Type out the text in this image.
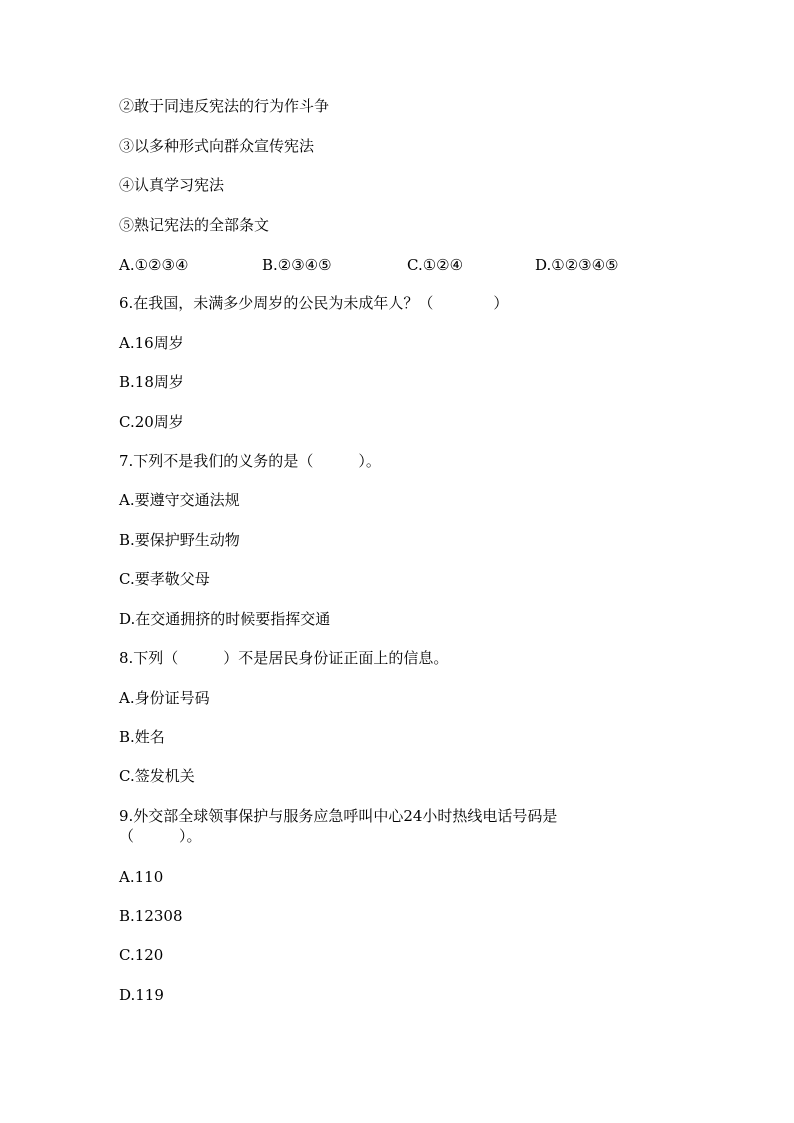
②敢于同违反宪法的行为作斗争
③以多种形式向群众宣传宪法
④认真学习宪法
⑤熟记宪法的全部条文
A.①②③④	B.②③④⑤	C.①②④	D.①②③④⑤
6.在我国，未满多少周岁的公民为未成年人？（　　　　）
A.16周岁
B.18周岁
C.20周岁
7.下列不是我们的义务的是（　　　）。
A.要遵守交通法规
B.要保护野生动物
C.要孝敬父母
D.在交通拥挤的时候要指挥交通
8.下列（　　　）不是居民身份证正面上的信息。
A.身份证号码
B.姓名
C.签发机关
9.外交部全球领事保护与服务应急呼叫中心24小时热线电话号码是
（　　　）。
A.110
B.12308
C.120
D.119
